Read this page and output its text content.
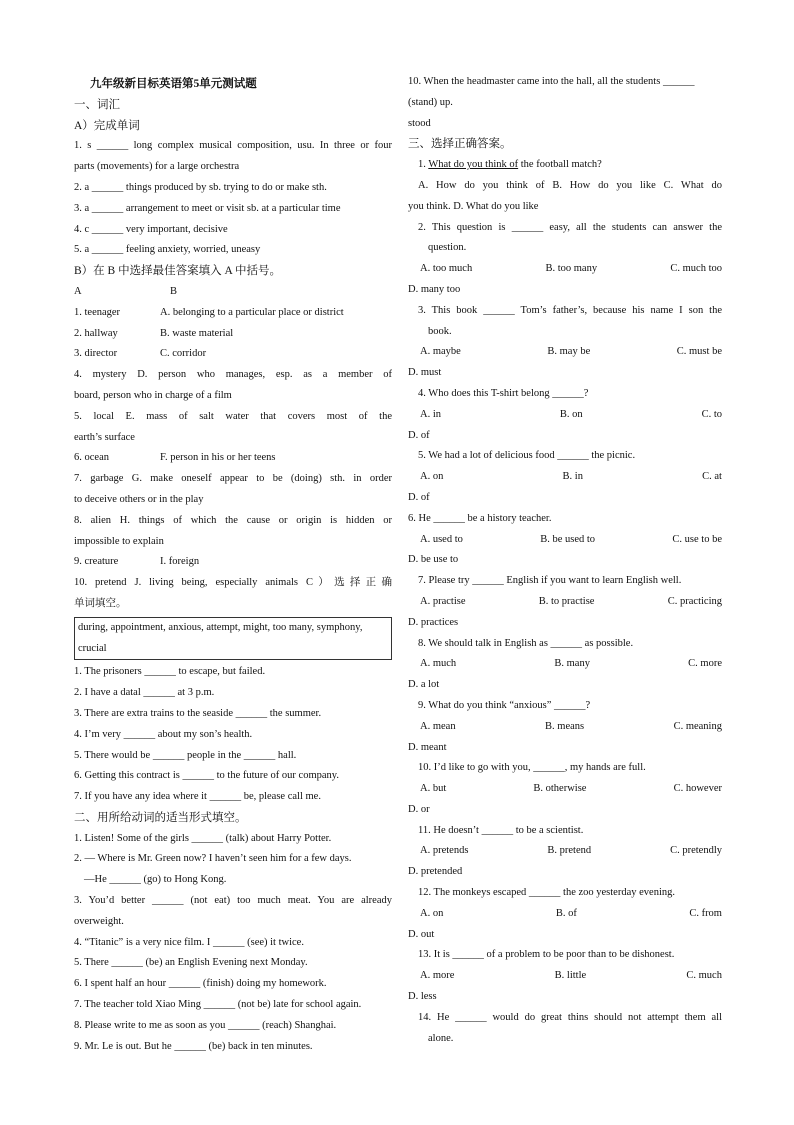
九年级新目标英语第5单元测试题
一、词汇
A）完成单词
1. s ______ long complex musical composition, usu. In three or four
parts (movements) for a large orchestra
2. a ______ things produced by sb. trying to do or make sth.
3. a ______ arrangement to meet or visit sb. at a particular time
4. c ______ very important, decisive
5. a ______ feeling anxiety, worried, uneasy
B）在 B 中选择最佳答案填入 A 中括号。
A	B
1. teenager	A. belonging to a particular place or district
2. hallway	B. waste material
3. director	C. corridor
4. mystery D. person who manages, esp. as a member of
board, person who in charge of a film
5. local E. mass of salt water that covers most of the
earth’s surface
6. ocean	F. person in his or her teens
7. garbage G. make oneself appear to be (doing) sth. in order
to deceive others or in the play
8. alien H. things of which the cause or origin is hidden or
impossible to explain
9. creature	I. foreign
10. pretend J. living being, especially animals C）选择正确
单词填空。
during, appointment, anxious, attempt, might, too many, symphony, crucial
1. The prisoners ______ to escape, but failed.
2. I have a datal ______ at 3 p.m.
3. There are extra trains to the seaside ______ the summer.
4. I’m very ______ about my son’s health.
5. There would be ______ people in the ______ hall.
6. Getting this contract is ______ to the future of our company.
7. If you have any idea where it ______ be, please call me.
二、用所给动词的适当形式填空。
1. Listen! Some of the girls ______ (talk) about Harry Potter.
2. — Where is Mr. Green now? I haven’t seen him for a few days.
—He ______ (go) to Hong Kong.
3. You’d better ______ (not eat) too much meat. You are already
overweight.
4. “Titanic” is a very nice film. I ______ (see) it twice.
5. There ______ (be) an English Evening next Monday.
6. I spent half an hour ______ (finish) doing my homework.
7. The teacher told Xiao Ming ______ (not be) late for school again.
8. Please write to me as soon as you ______ (reach) Shanghai.
9. Mr. Le is out. But he ______ (be) back in ten minutes.
10. When the headmaster came into the hall, all the students ______
(stand) up.
stood
三、选择正确答案。
1. What do you think of the football match?
A. How do you think of B. How do you like C. What do
you think. D. What do you like
2. This question is ______ easy, all the students can answer the
question.
A. too much	B. too many	C. much too
D. many too
3. This book ______ Tom’s father’s, because his name I son the
book.
A. maybe	B. may be	C. must be
D. must
4. Who does this T-shirt belong ______?
A. in	B. on	C. to
D. of
5. We had a lot of delicious food ______ the picnic.
A. on	B. in	C. at
D. of
6. He ______ be a history teacher.
A. used to	B. be used to	C. use to be
D. be use to
7. Please try ______ English if you want to learn English well.
A. practise	B. to practise	C. practicing
D. practices
8. We should talk in English as ______ as possible.
A. much	B. many	C. more
D. a lot
9. What do you think “anxious” ______?
A. mean	B. means	C. meaning
D. meant
10. I’d like to go with you, ______, my hands are full.
A. but	B. otherwise	C. however
D. or
11. He doesn’t ______ to be a scientist.
A. pretends	B. pretend	C. pretendly
D. pretended
12. The monkeys escaped ______ the zoo yesterday evening.
A. on	B. of	C. from
D. out
13. It is ______ of a problem to be poor than to be dishonest.
A. more	B. little	C. much
D. less
14. He ______ would do great thins should not attempt them all
alone.
